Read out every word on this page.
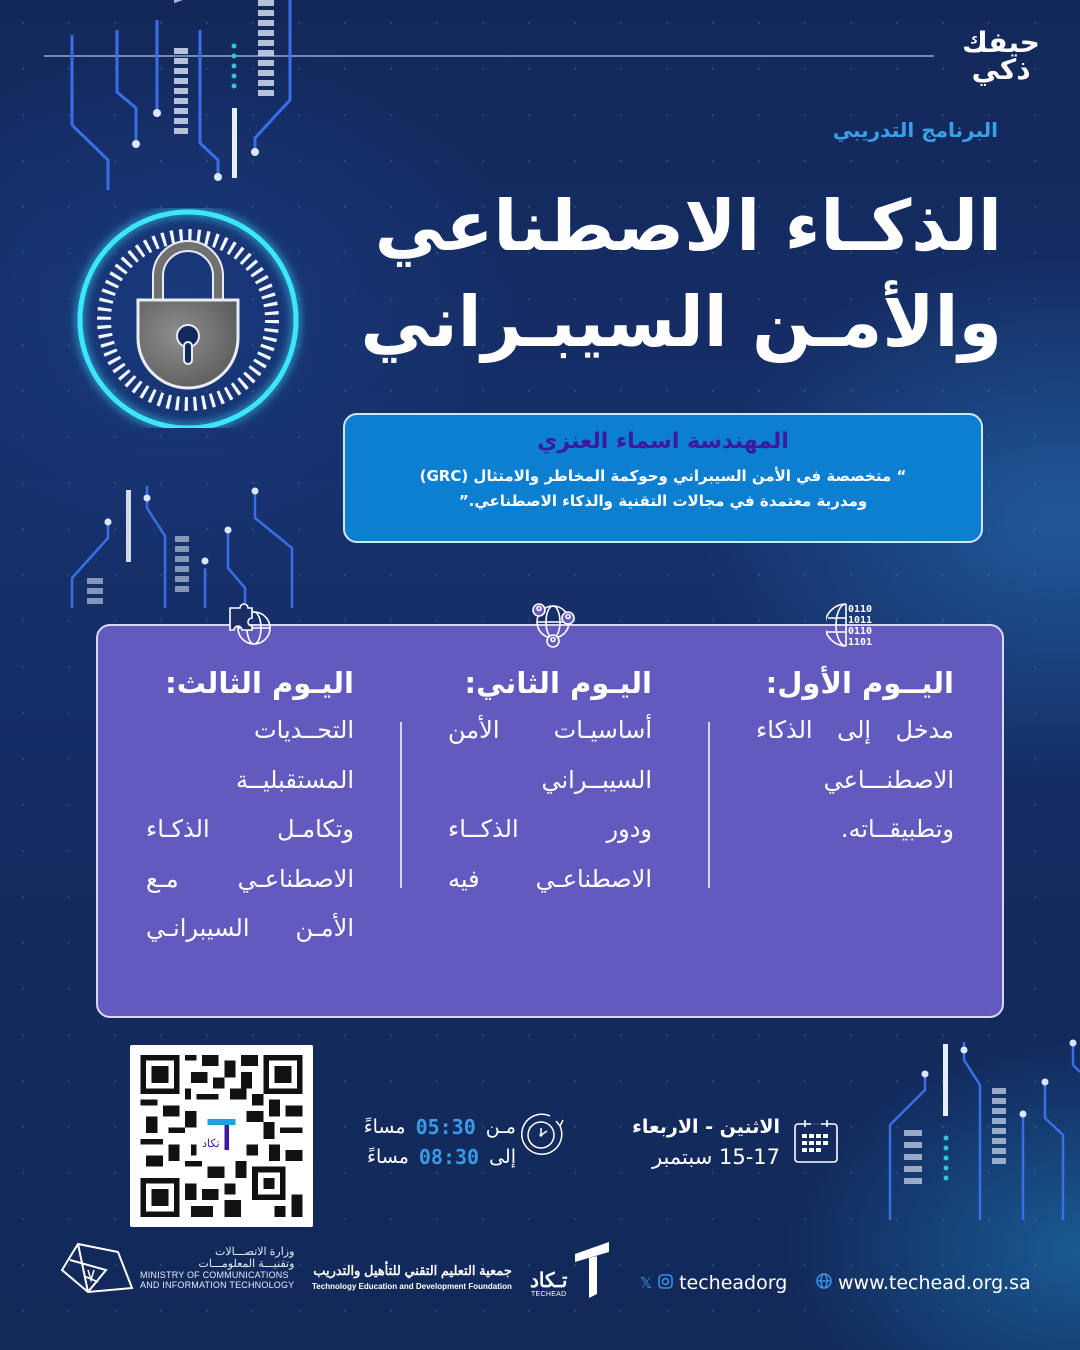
حيفك
ذكي
البرنامج التدريبي
الذكـاء الاصطناعي
والأمـن السيبـراني
المهندسة اسماء العنزي
“ متخصصة في الأمن السيبراني وحوكمة المخاطر والامتثال (GRC) ومدربة معتمدة في مجالات التقنية والذكاء الاصطناعي.”
0110
1011
0110
1101
اليــوم الأول:
مدخل إلى الذكاء
الاصطنـــاعي
وتطبيقــاته.
اليـوم الثاني:
أساسيـات الأمن
السيبــراني
ودور الذكــاء
الاصطناعـي فيه
اليـوم الثالث:
التحــديات
المستقبليــة
وتكامـل الذكـاء
الاصطناعـي مـع
الأمـن السيبرانـي
تكاد
الاثنين - الاربعاء
15-17 سبتمبر
مـن
05:30
مساءً
إلى
08:30
مساءً
وزارة الاتصـــالات
وتقنيـــة المعلومـــات
MINISTRY OF COMMUNICATIONS
AND INFORMATION TECHNOLOGY
جمعية التعليم التقني للتأهيل والتدريب
Technology Education and Development Foundation تـكاد
TECHEAD
𝕏 techeadorg	www.techead.org.sa
